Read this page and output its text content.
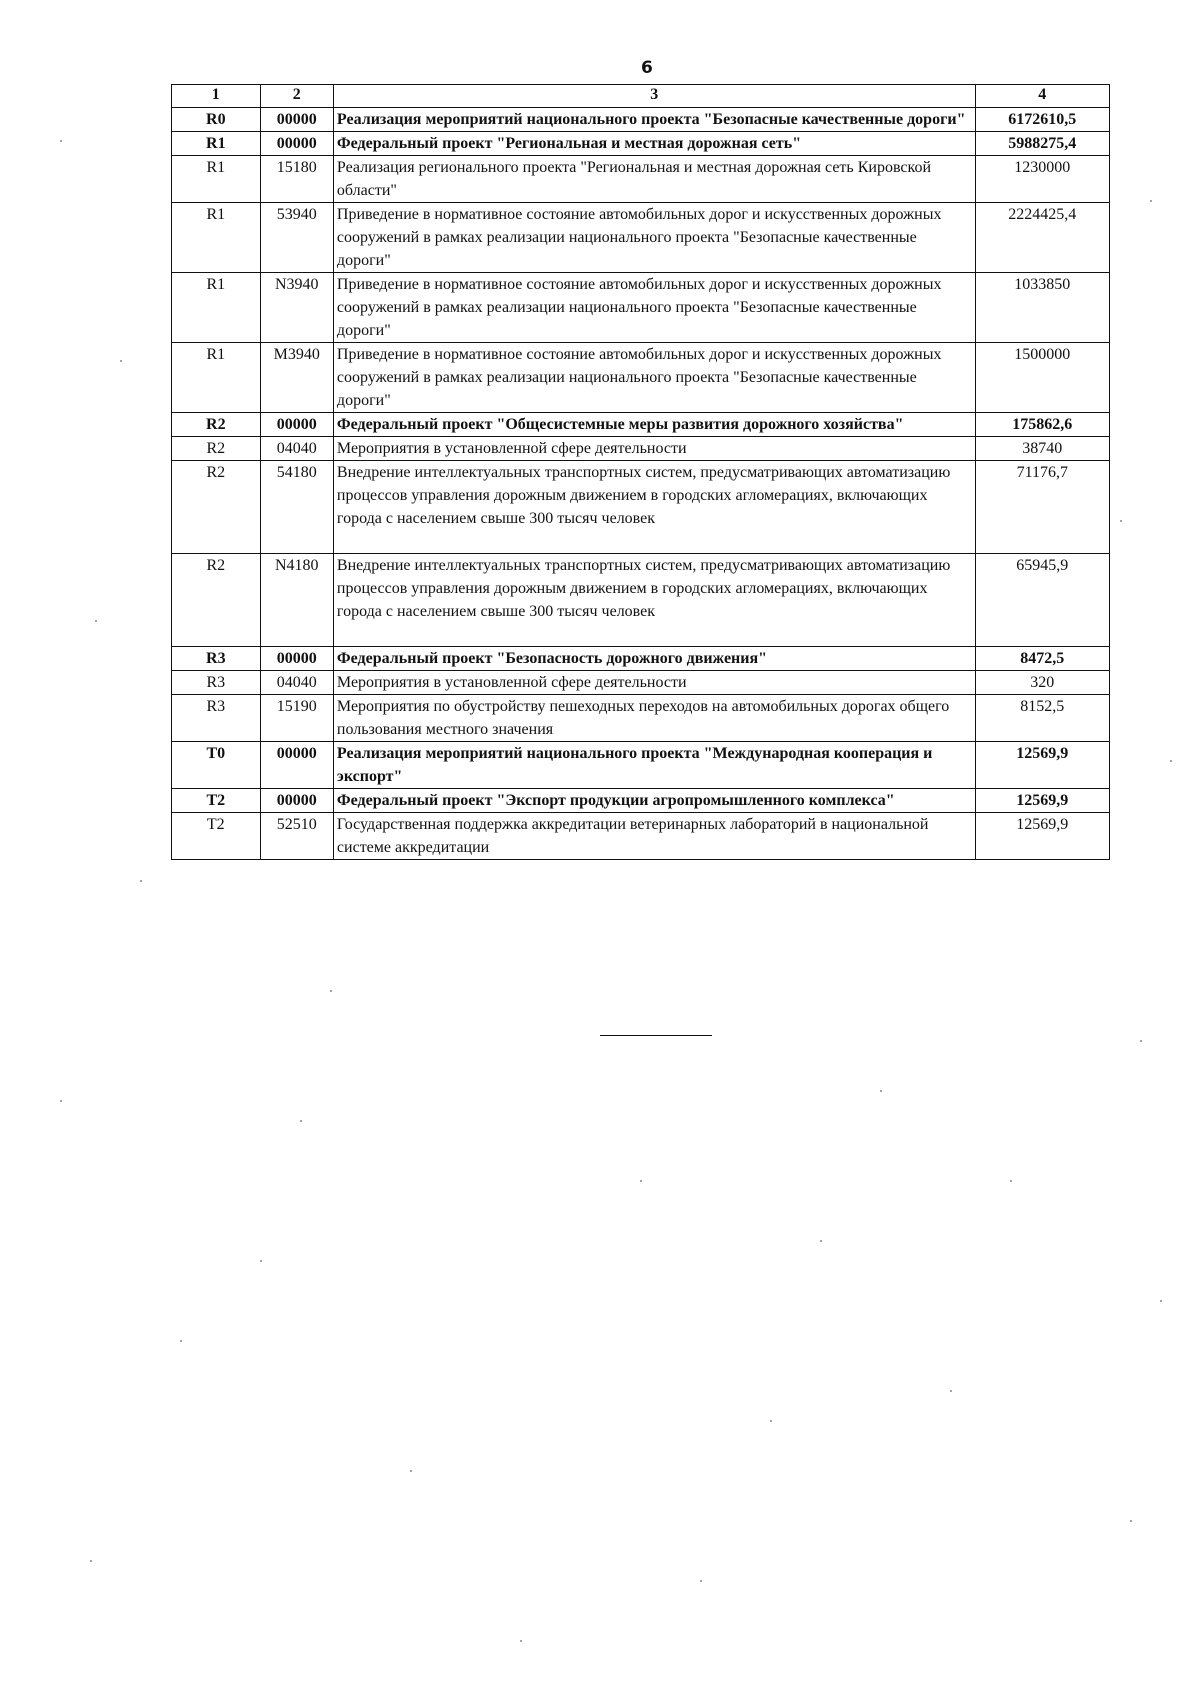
6
1	2	3	4
R0	00000	Реализация мероприятий национального проекта "Безопасные качественные дороги"	6172610,5
R1	00000	Федеральный проект "Региональная и местная дорожная сеть"	5988275,4
R1	15180	Реализация регионального проекта "Региональная и местная дорожная сеть Кировской области"	1230000
R1	53940	Приведение в нормативное состояние автомобильных дорог и искусственных дорожных сооружений в рамках реализации национального проекта "Безопасные качественные дороги"	2224425,4
R1	N3940	Приведение в нормативное состояние автомобильных дорог и искусственных дорожных сооружений в рамках реализации национального проекта "Безопасные качественные дороги"	1033850
R1	M3940	Приведение в нормативное состояние автомобильных дорог и искусственных дорожных сооружений в рамках реализации национального проекта "Безопасные качественные дороги"	1500000
R2	00000	Федеральный проект "Общесистемные меры развития дорожного хозяйства"	175862,6
R2	04040	Мероприятия в установленной сфере деятельности	38740
R2	54180	Внедрение интеллектуальных транспортных систем, предусматривающих автоматизацию процессов управления дорожным движением в городских агломерациях, включающих города с населением свыше 300 тысяч человек	71176,7
R2	N4180	Внедрение интеллектуальных транспортных систем, предусматривающих автоматизацию процессов управления дорожным движением в городских агломерациях, включающих города с населением свыше 300 тысяч человек	65945,9
R3	00000	Федеральный проект "Безопасность дорожного движения"	8472,5
R3	04040	Мероприятия в установленной сфере деятельности	320
R3	15190	Мероприятия по обустройству пешеходных переходов на автомобильных дорогах общего пользования местного значения	8152,5
T0	00000	Реализация мероприятий национального проекта "Международная кооперация и экспорт"	12569,9
T2	00000	Федеральный проект "Экспорт продукции агропромышленного комплекса"	12569,9
T2	52510	Государственная поддержка аккредитации ветеринарных лабораторий в национальной системе аккредитации	12569,9
